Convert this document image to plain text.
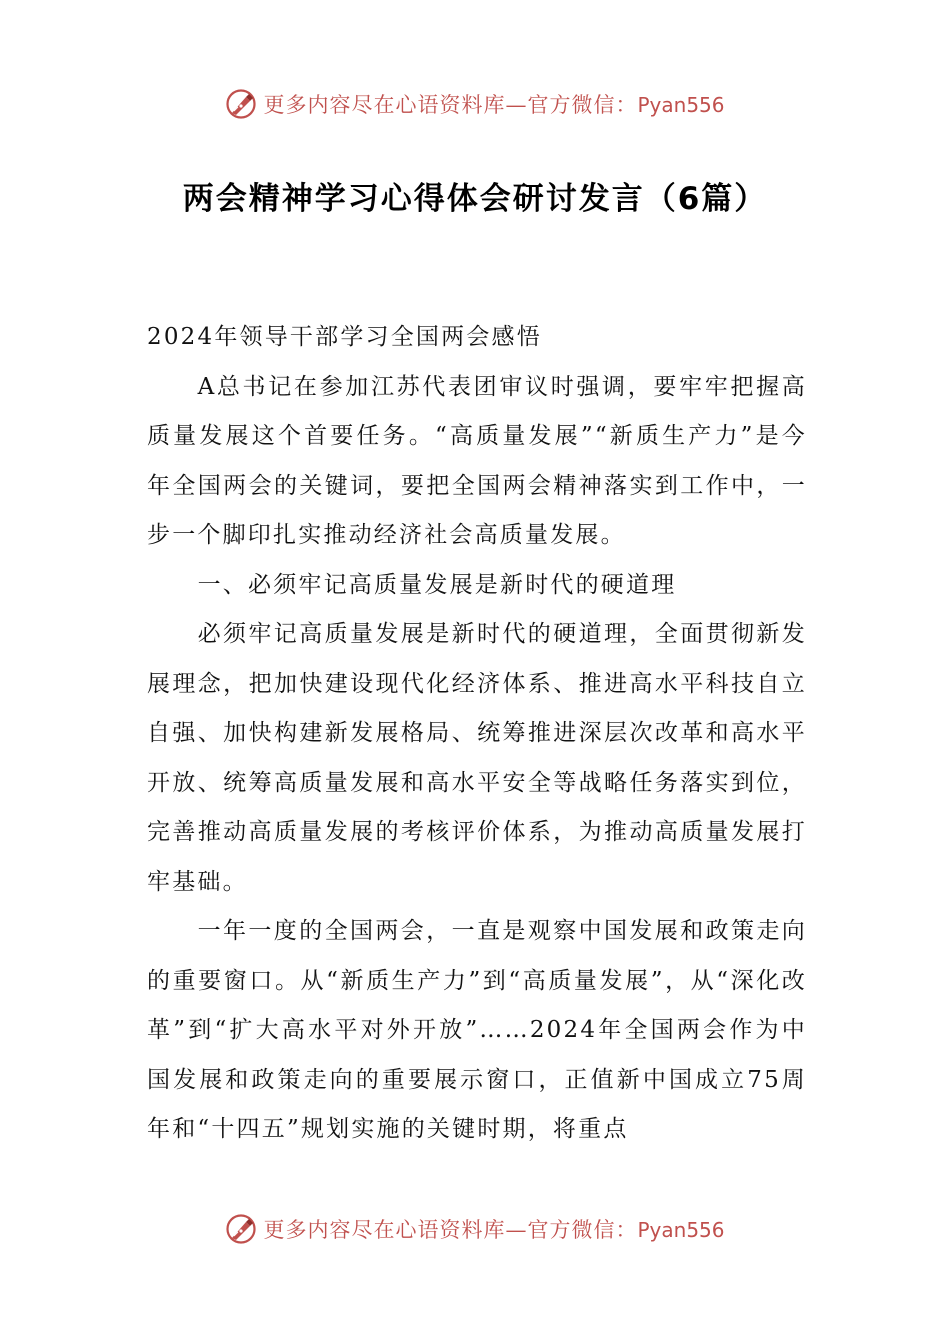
更多内容尽在心语资料库—官方微信：Pyan556
两会精神学习心得体会研讨发言（6篇）

2024年领导干部学习全国两会感悟

A总书记在参加江苏代表团审议时强调，要牢牢把握高质量发展这个首要任务。“高质量发展”“新质生产力”是今年全国两会的关键词，要把全国两会精神落实到工作中，一步一个脚印扎实推动经济社会高质量发展。

一、必须牢记高质量发展是新时代的硬道理

必须牢记高质量发展是新时代的硬道理，全面贯彻新发展理念，把加快建设现代化经济体系、推进高水平科技自立自强、加快构建新发展格局、统筹推进深层次改革和高水平开放、统筹高质量发展和高水平安全等战略任务落实到位，完善推动高质量发展的考核评价体系，为推动高质量发展打牢基础。

一年一度的全国两会，一直是观察中国发展和政策走向的重要窗口。从“新质生产力”到“高质量发展”，从“深化改革”到“扩大高水平对外开放”……2024年全国两会作为中国发展和政策走向的重要展示窗口，正值新中国成立75周年和“十四五”规划实施的关键时期，将重点

更多内容尽在心语资料库—官方微信：Pyan556
